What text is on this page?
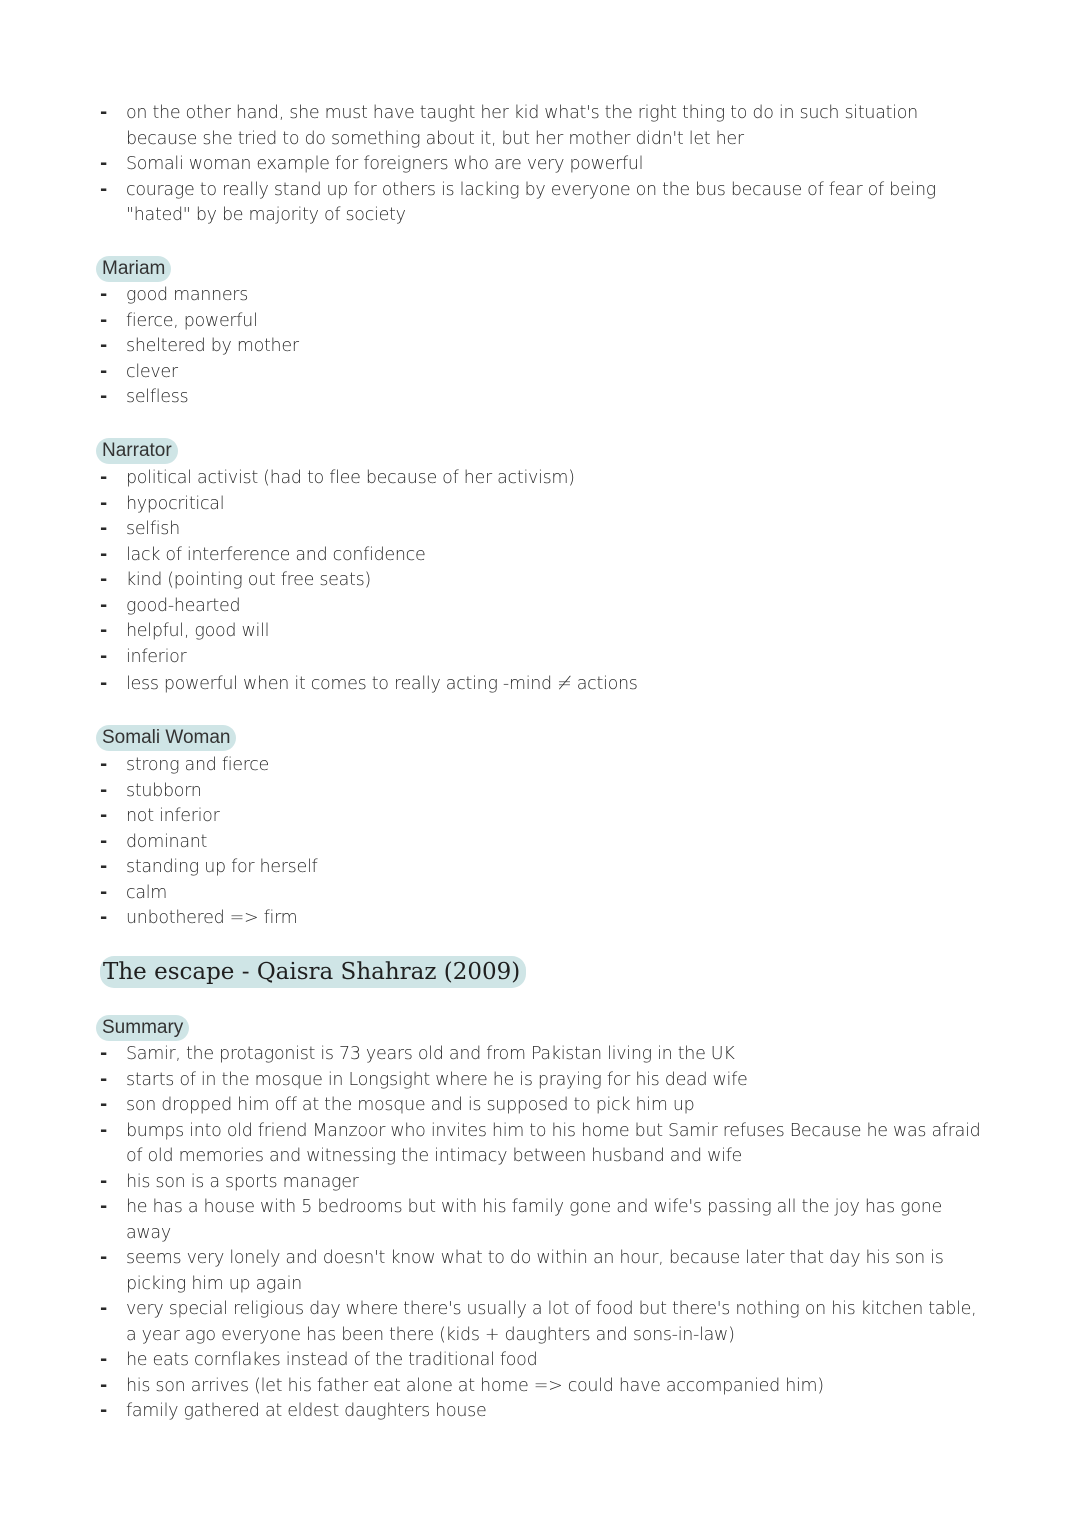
- on the other hand, she must have taught her kid what's the right thing to do in such situation because she tried to do something about it, but her mother didn't let her
- Somali woman example for foreigners who are very powerful
- courage to really stand up for others is lacking by everyone on the bus because of fear of being "hated" by be majority of society
Mariam
- good manners
- fierce, powerful
- sheltered by mother
- clever
- selfless
Narrator
- political activist (had to flee because of her activism)
- hypocritical
- selfish
- lack of interference and confidence
- kind (pointing out free seats)
- good-hearted
- helpful, good will
- inferior
- less powerful when it comes to really acting -mind ≠ actions
Somali Woman
- strong and fierce
- stubborn
- not inferior
- dominant
- standing up for herself
- calm
- unbothered => firm
The escape - Qaisra Shahraz (2009)
Summary
- Samir, the protagonist is 73 years old and from Pakistan living in the UK
- starts of in the mosque in Longsight where he is praying for his dead wife
- son dropped him off at the mosque and is supposed to pick him up
- bumps into old friend Manzoor who invites him to his home but Samir refuses Because he was afraid of old memories and witnessing the intimacy between husband and wife
- his son is a sports manager
- he has a house with 5 bedrooms but with his family gone and wife's passing all the joy has gone away
- seems very lonely and doesn't know what to do within an hour, because later that day his son is picking him up again
- very special religious day where there's usually a lot of food but there's nothing on his kitchen table, a year ago everyone has been there (kids + daughters and sons-in-law)
- he eats cornflakes instead of the traditional food
- his son arrives (let his father eat alone at home => could have accompanied him)
- family gathered at eldest daughters house
